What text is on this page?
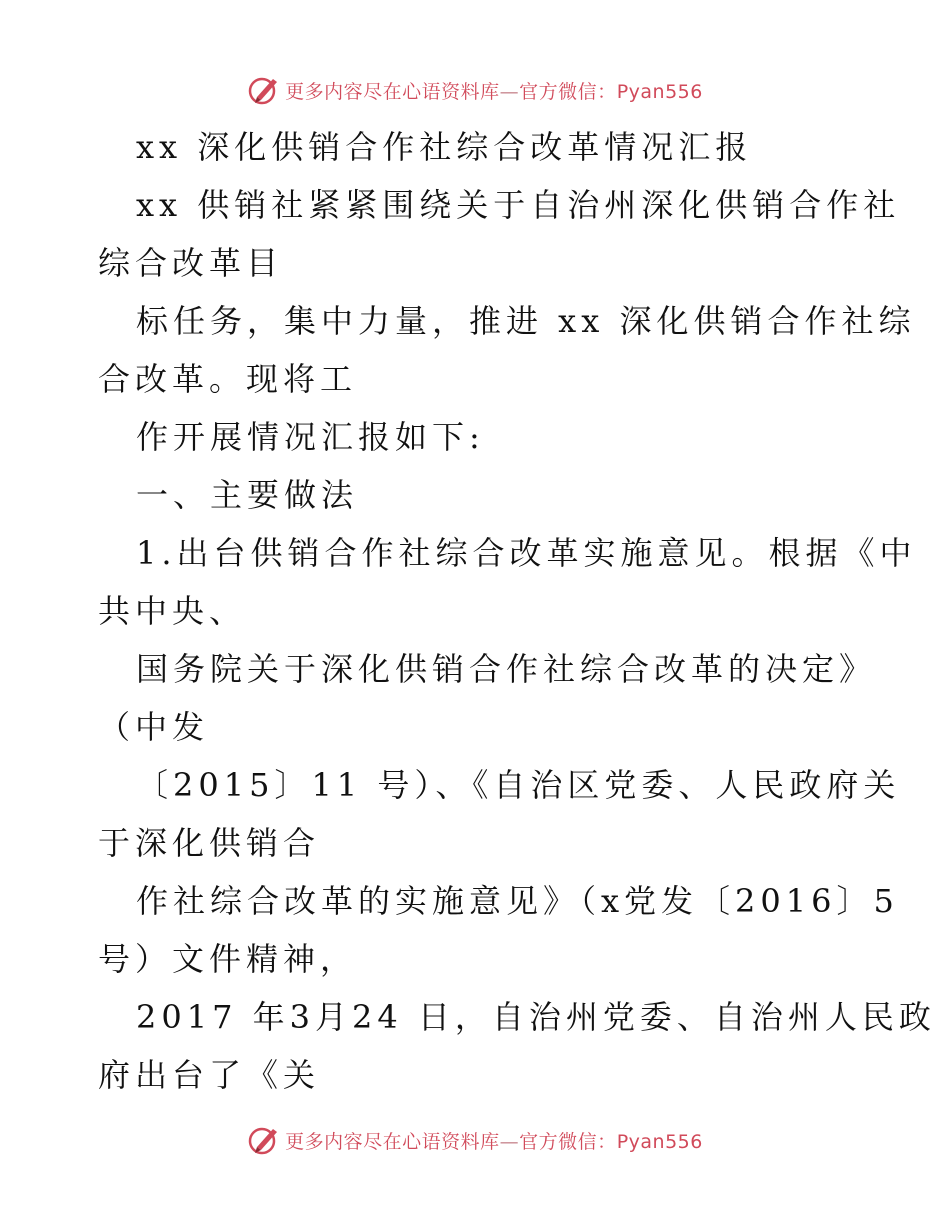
更多内容尽在心语资料库—官方微信：Pyan556
xx 深化供销合作社综合改革情况汇报
xx 供销社紧紧围绕关于自治州深化供销合作社
综合改革目
标任务，集中力量，推进 xx 深化供销合作社综
合改革。现将工
作开展情况汇报如下:
一、主要做法
1.出台供销合作社综合改革实施意见。根据《中
共中央、
国务院关于深化供销合作社综合改革的决定》
（中发
〔2015〕11 号）、《自治区党委、人民政府关
于深化供销合
作社综合改革的实施意见》（x党发〔2016〕5
号）文件精神，
2017 年3月24 日，自治州党委、自治州人民政
府出台了《关
更多内容尽在心语资料库—官方微信：Pyan556
